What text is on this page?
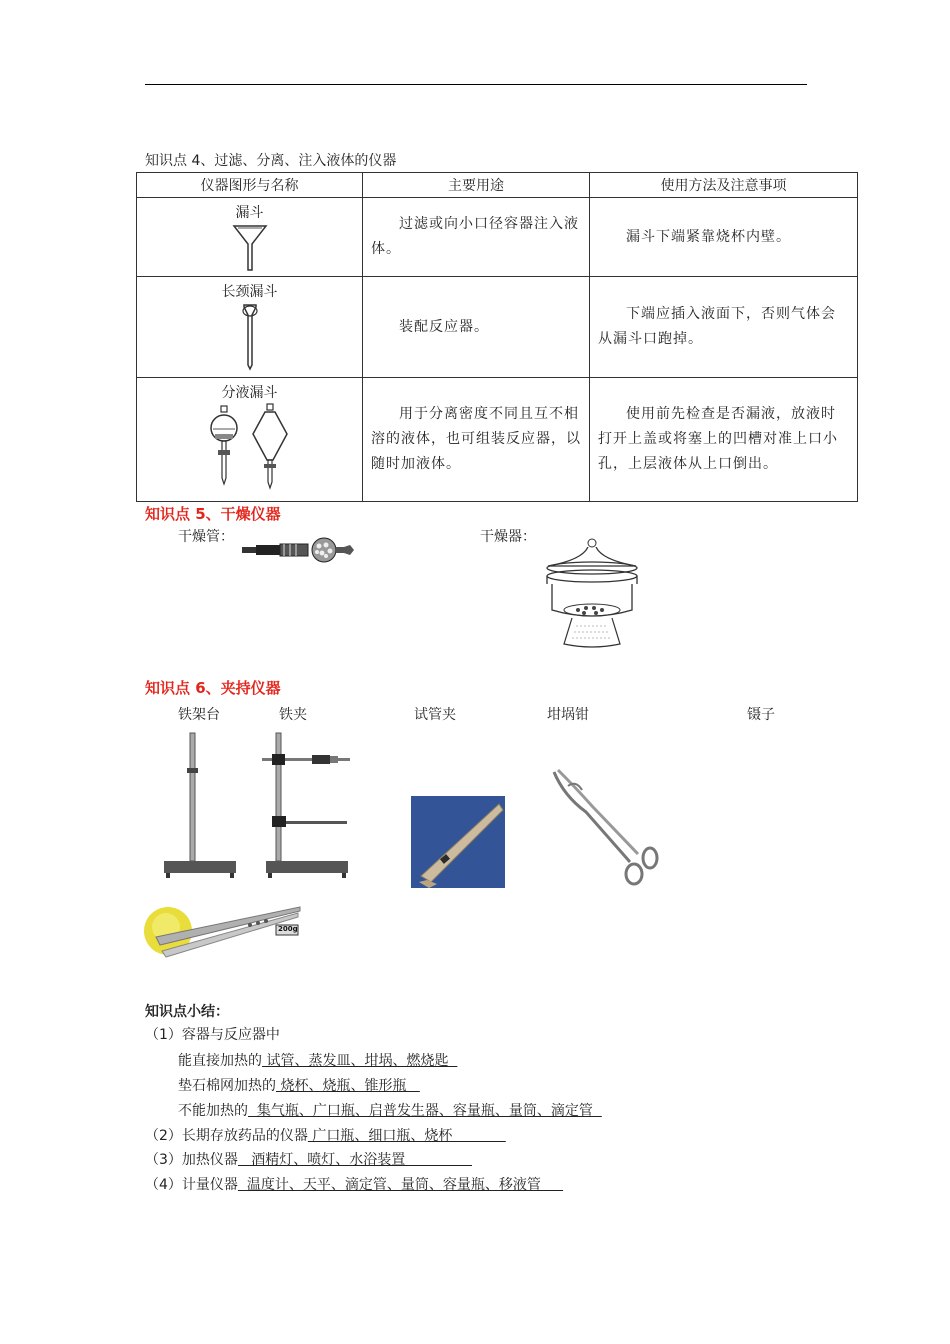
知识点 4、过滤、分离、注入液体的仪器
仪器图形与名称	主要用途	使用方法及注意事项

漏斗	过滤或向小口径容器注入液体。	漏斗下端紧靠烧杯内壁。

长颈漏斗	装配反应器。	下端应插入液面下，否则气体会从漏斗口跑掉。

分液漏斗	用于分离密度不同且互不相溶的液体，也可组装反应器，以随时加液体。	使用前先检查是否漏液，放液时打开上盖或将塞上的凹槽对准上口小孔，上层液体从上口倒出。
知识点 5、干燥仪器
干燥管：	干燥器：
知识点 6、夹持仪器
铁架台	铁夹	试管夹	坩埚钳	镊子
200g
知识点小结：
（1）容器与反应器中
能直接加热的 试管、蒸发皿、坩埚、燃烧匙
垫石棉网加热的 烧杯、烧瓶、锥形瓶
不能加热的  集气瓶、广口瓶、启普发生器、容量瓶、量筒、滴定管
（2）长期存放药品的仪器 广口瓶、细口瓶、烧杯
（3）加热仪器   酒精灯、喷灯、水浴装置
（4）计量仪器  温度计、天平、滴定管、量筒、容量瓶、移液管
